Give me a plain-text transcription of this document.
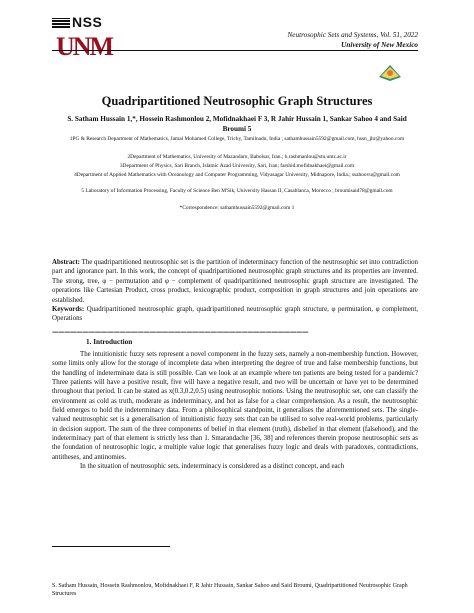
NSS
UNM	Neutrosophic Sets and Systems, Vol. 51, 2022
University of New Mexico
Quadripartitioned Neutrosophic Graph Structures
S. Satham Hussain 1,*, Hossein Rashmonlou 2, Mofidnakhaei F 3, R Jahir Hussain 1, Sankar Sahoo 4 and Said Broumi 5
1PG & Research Department of Mathematics, Jamal Mohamed College, Trichy, Tamilnadu, India ; sathamhussain5592@gmail.com, hssn_jhr@yahoo.com
2Department of Mathematics, University of Mazandarn, Babolsar, Iran.; h.rashmanlou@stu.umz.ac.ir
3Department of Physics, Sari Branch, Islamic Azad University, Sari, Iran; farshid.mofidnakhaei@gmail.com
4Department of Applied Mathematics with Oceanology and Computer Programming, Vidyasagar University, Midnapore, India.; ssahoovu@gmail.com
5 Laboratory of Information Processing, Faculty of Science Ben M'Sik, University Hassan II, Casablanca, Morocco ; broumisaid78@gmail.com
*Correspondence: sathamhussain5592@gmail.com 1
Abstract: The quadripartitioned neutrosophic set is the partition of indeterminacy function of the neutrosophic set into contradiction part and ignorance part. In this work, the concept of quadripartitioned neutrosophic graph structures and its properties are invented. The strong, tree, φ − permutation and φ − complement of quadripartitioned neutrosophic graph structure are investigated. The operations like Cartesian Product, cross product, lexicographic product, composition in graph structures and join operations are established.
Keywords: Quadripartitioned neutrosophic graph, quadripartitioned neutrosophic graph structure, φ permutation, φ complement, Operations
——————————————————————————————————————————
1. Introduction

The intuitionistic fuzzy sets represent a novel component in the fuzzy sets, namely a non-membership function. However, some limits only allow for the storage of incomplete data when interpreting the degree of true and false membership functions, but the handling of indeterminate data is still possible. Can we look at an example where ten patients are being tested for a pandemic? Three patients will have a positive result, five will have a negative result, and two will be uncertain or have yet to be determined throughout that period. It can be stated as x(0.3,0.2,0.5) using neutrosophic notions. Using the neutrosophic set, one can classify the environment as cold as truth, moderate as indeterminacy, and hot as false for a clear comprehension. As a result, the neutrosophic field emerges to hold the indeterminacy data. From a philosophical standpoint, it generalises the aforementioned sets. The single-valued neutrosophic set is a generalisation of intuitionistic fuzzy sets that can be utilised to solve real-world problems, particularly in decision support. The sum of the three components of belief in that element (truth), disbelief in that element (falsehood), and the indeterminacy part of that element is strictly less than 1. Smarandache [36, 38] and references therein propose neutrosophic sets as the foundation of neutrosophic logic, a multiple value logic that generalises fuzzy logic and deals with paradoxes, contradictions, antitheses, and antinomies.

In the situation of neutrosophic sets, indeterminacy is considered as a distinct concept, and each

S. Satham Hussain, Hossein Rashmonlou, Mofidnakhaei F, R Jahir Hussain, Sankar Sahoo and Said Broumi, Quadripartitioned Neutrosophic Graph Structures
